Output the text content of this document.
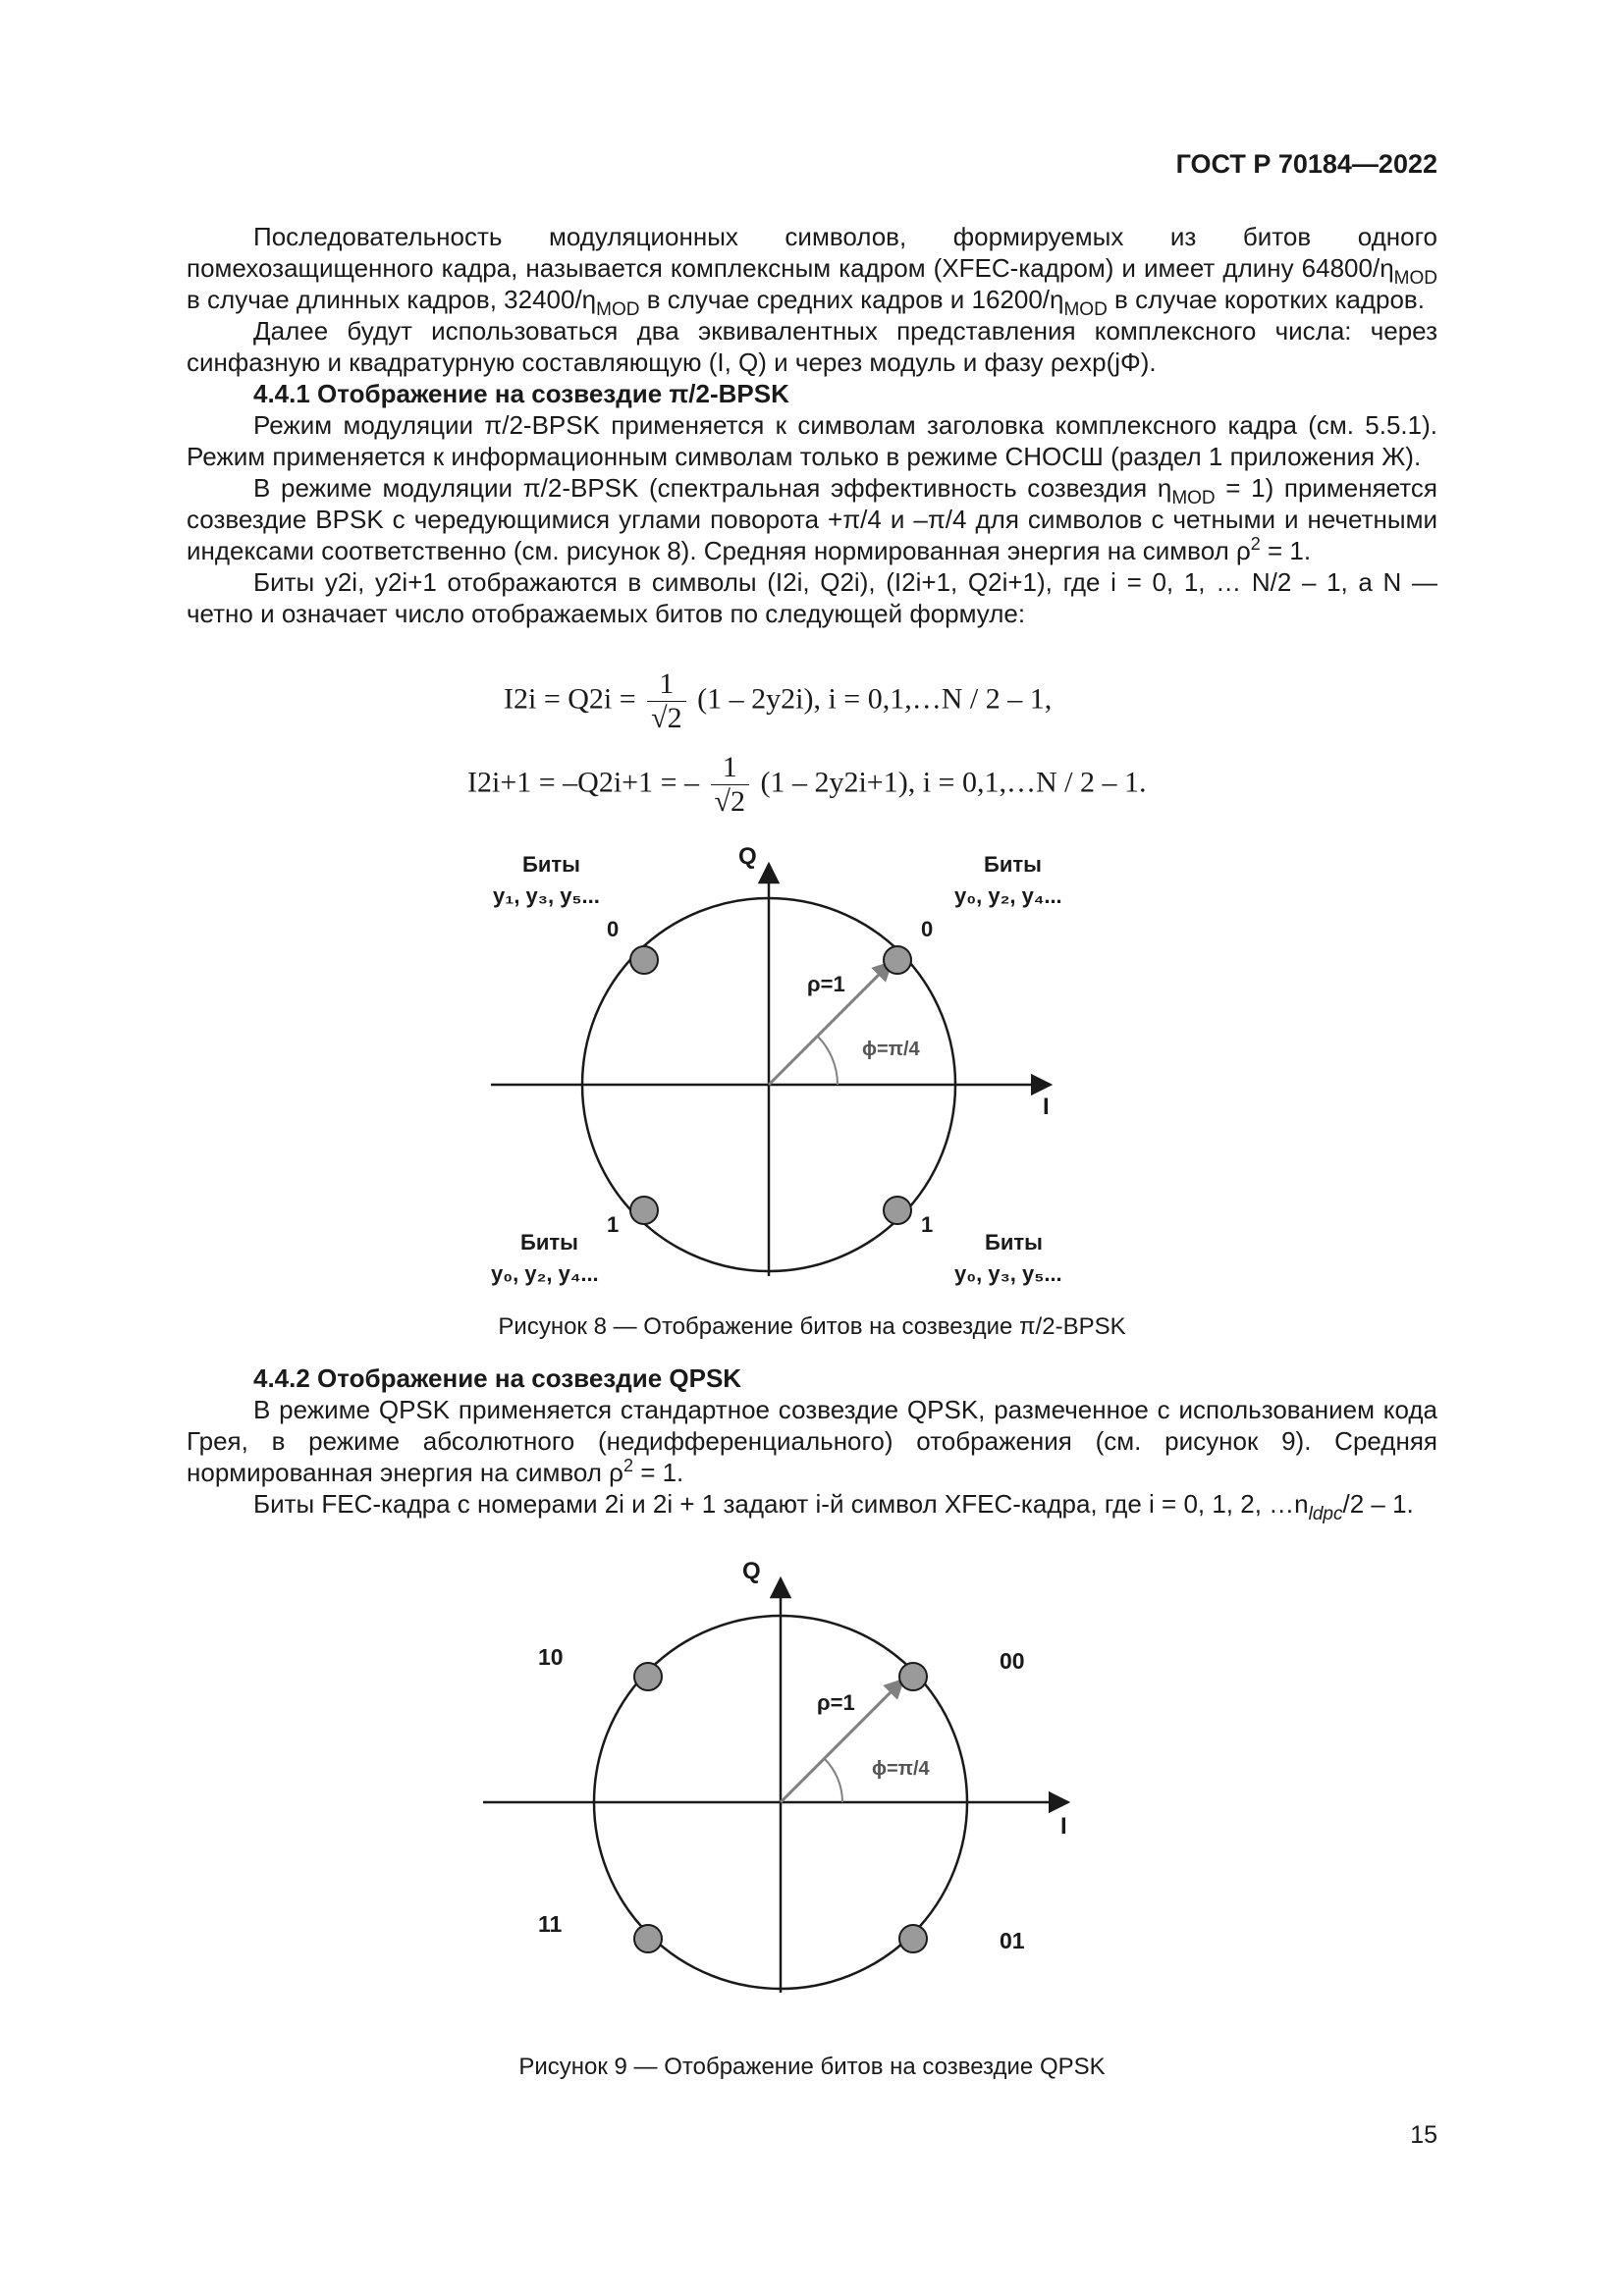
ГОСТ Р 70184—2022

Последовательность модуляционных символов, формируемых из битов одного помехозащищенного кадра, называется комплексным кадром (XFEC-кадром) и имеет длину $64800/\eta_{MOD}$ в случае длинных кадров, $32400/\eta_{MOD}$ в случае средних кадров и $16200/\eta_{MOD}$ в случае коротких кадров.

Далее будут использоваться два эквивалентных представления комплексного числа: через синфазную и квадратурную составляющую (I, Q) и через модуль и фазу ρexp(jΦ).

4.4.1 Отображение на созвездие π/2-BPSK

Режим модуляции π/2-BPSK применяется к символам заголовка комплексного кадра (см. 5.5.1). Режим применяется к информационным символам только в режиме СНОСШ (раздел 1 приложения Ж).

В режиме модуляции π/2-BPSK (спектральная эффективность созвездия $\eta_{MOD} = 1$) применяется созвездие BPSK с чередующимися углами поворота +π/4 и –π/4 для символов с четными и нечетными индексами соответственно (см. рисунок 8). Средняя нормированная энергия на символ $\rho^2 = 1$.

Биты y2i, y2i+1 отображаются в символы (I2i, Q2i), (I2i+1, Q2i+1), где i = 0, 1, … N/2 – 1, а N — четно и означает число отображаемых битов по следующей формуле:

$I2i = Q2i = \frac{1}{√2} (1 - 2y2i)$, i = 0,1,…N / 2 – 1,
I2i+1 = –Q2i+1 = – $\frac{1}{√2} (1 - 2y2i+1)$, i = 0,1,…N / 2 – 1.
Q
I
ρ=1
ϕ=π/4
Биты
y₁, y₃, y₅...
0
Биты
y₀, y₂, y₄...
0
1
Биты
y₀, y₂, y₄...
1
Биты
y₀, y₃, y₅...
Рисунок 8 — Отображение битов на созвездие π/2-BPSK

4.4.2 Отображение на созвездие QPSK

В режиме QPSK применяется стандартное созвездие QPSK, размеченное с использованием кода Грея, в режиме абсолютного (недифференциального) отображения (см. рисунок 9). Средняя нормированная энергия на символ $\rho^2 = 1$.

Биты FEC-кадра с номерами 2i и 2i + 1 задают i-й символ XFEC-кадра, где i = 0, 1, 2, $\dots n_{ldpc}/2 - 1$.

Q
I
ρ=1
ϕ=π/4
10	00
11
01
Рисунок 9 — Отображение битов на созвездие QPSK
15
